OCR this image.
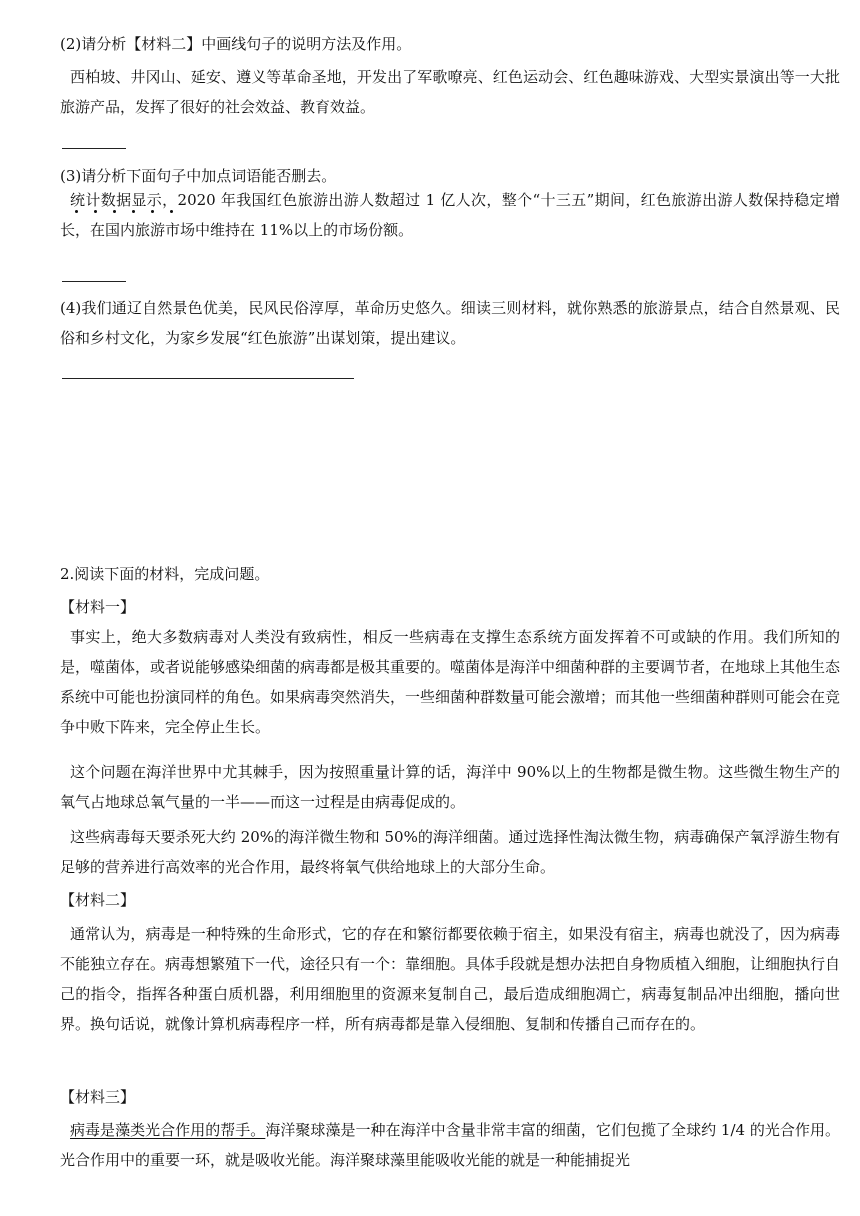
(2)请分析【材料二】中画线句子的说明方法及作用。
西柏坡、井冈山、延安、遵义等革命圣地，开发出了军歌嘹亮、红色运动会、红色趣味游戏、大型实景演出等一大批旅游产品，发挥了很好的社会效益、教育效益。
(3)请分析下面句子中加点词语能否删去。
统计数据显示，2020 年我国红色旅游出游人数超过 1 亿人次，整个“十三五”期间，红色旅游出游人数保持稳定增长，在国内旅游市场中维持在 11%以上的市场份额。
(4)我们通辽自然景色优美，民风民俗淳厚，革命历史悠久。细读三则材料，就你熟悉的旅游景点，结合自然景观、民俗和乡村文化，为家乡发展“红色旅游”出谋划策，提出建议。
2.阅读下面的材料，完成问题。
【材料一】
事实上，绝大多数病毒对人类没有致病性，相反一些病毒在支撑生态系统方面发挥着不可或缺的作用。我们所知的是，噬菌体，或者说能够感染细菌的病毒都是极其重要的。噬菌体是海洋中细菌种群的主要调节者，在地球上其他生态系统中可能也扮演同样的角色。如果病毒突然消失，一些细菌种群数量可能会激增；而其他一些细菌种群则可能会在竞争中败下阵来，完全停止生长。
这个问题在海洋世界中尤其棘手，因为按照重量计算的话，海洋中 90%以上的生物都是微生物。这些微生物生产的氧气占地球总氧气量的一半——而这一过程是由病毒促成的。
这些病毒每天要杀死大约 20%的海洋微生物和 50%的海洋细菌。通过选择性淘汰微生物，病毒确保产氧浮游生物有足够的营养进行高效率的光合作用，最终将氧气供给地球上的大部分生命。
【材料二】
通常认为，病毒是一种特殊的生命形式，它的存在和繁衍都要依赖于宿主，如果没有宿主，病毒也就没了，因为病毒不能独立存在。病毒想繁殖下一代，途径只有一个：靠细胞。具体手段就是想办法把自身物质植入细胞，让细胞执行自己的指令，指挥各种蛋白质机器，利用细胞里的资源来复制自己，最后造成细胞凋亡，病毒复制品冲出细胞，播向世界。换句话说，就像计算机病毒程序一样，所有病毒都是靠入侵细胞、复制和传播自己而存在的。
【材料三】
病毒是藻类光合作用的帮手。海洋聚球藻是一种在海洋中含量非常丰富的细菌，它们包揽了全球约 1/4 的光合作用。光合作用中的重要一环，就是吸收光能。海洋聚球藻里能吸收光能的就是一种能捕捉光
